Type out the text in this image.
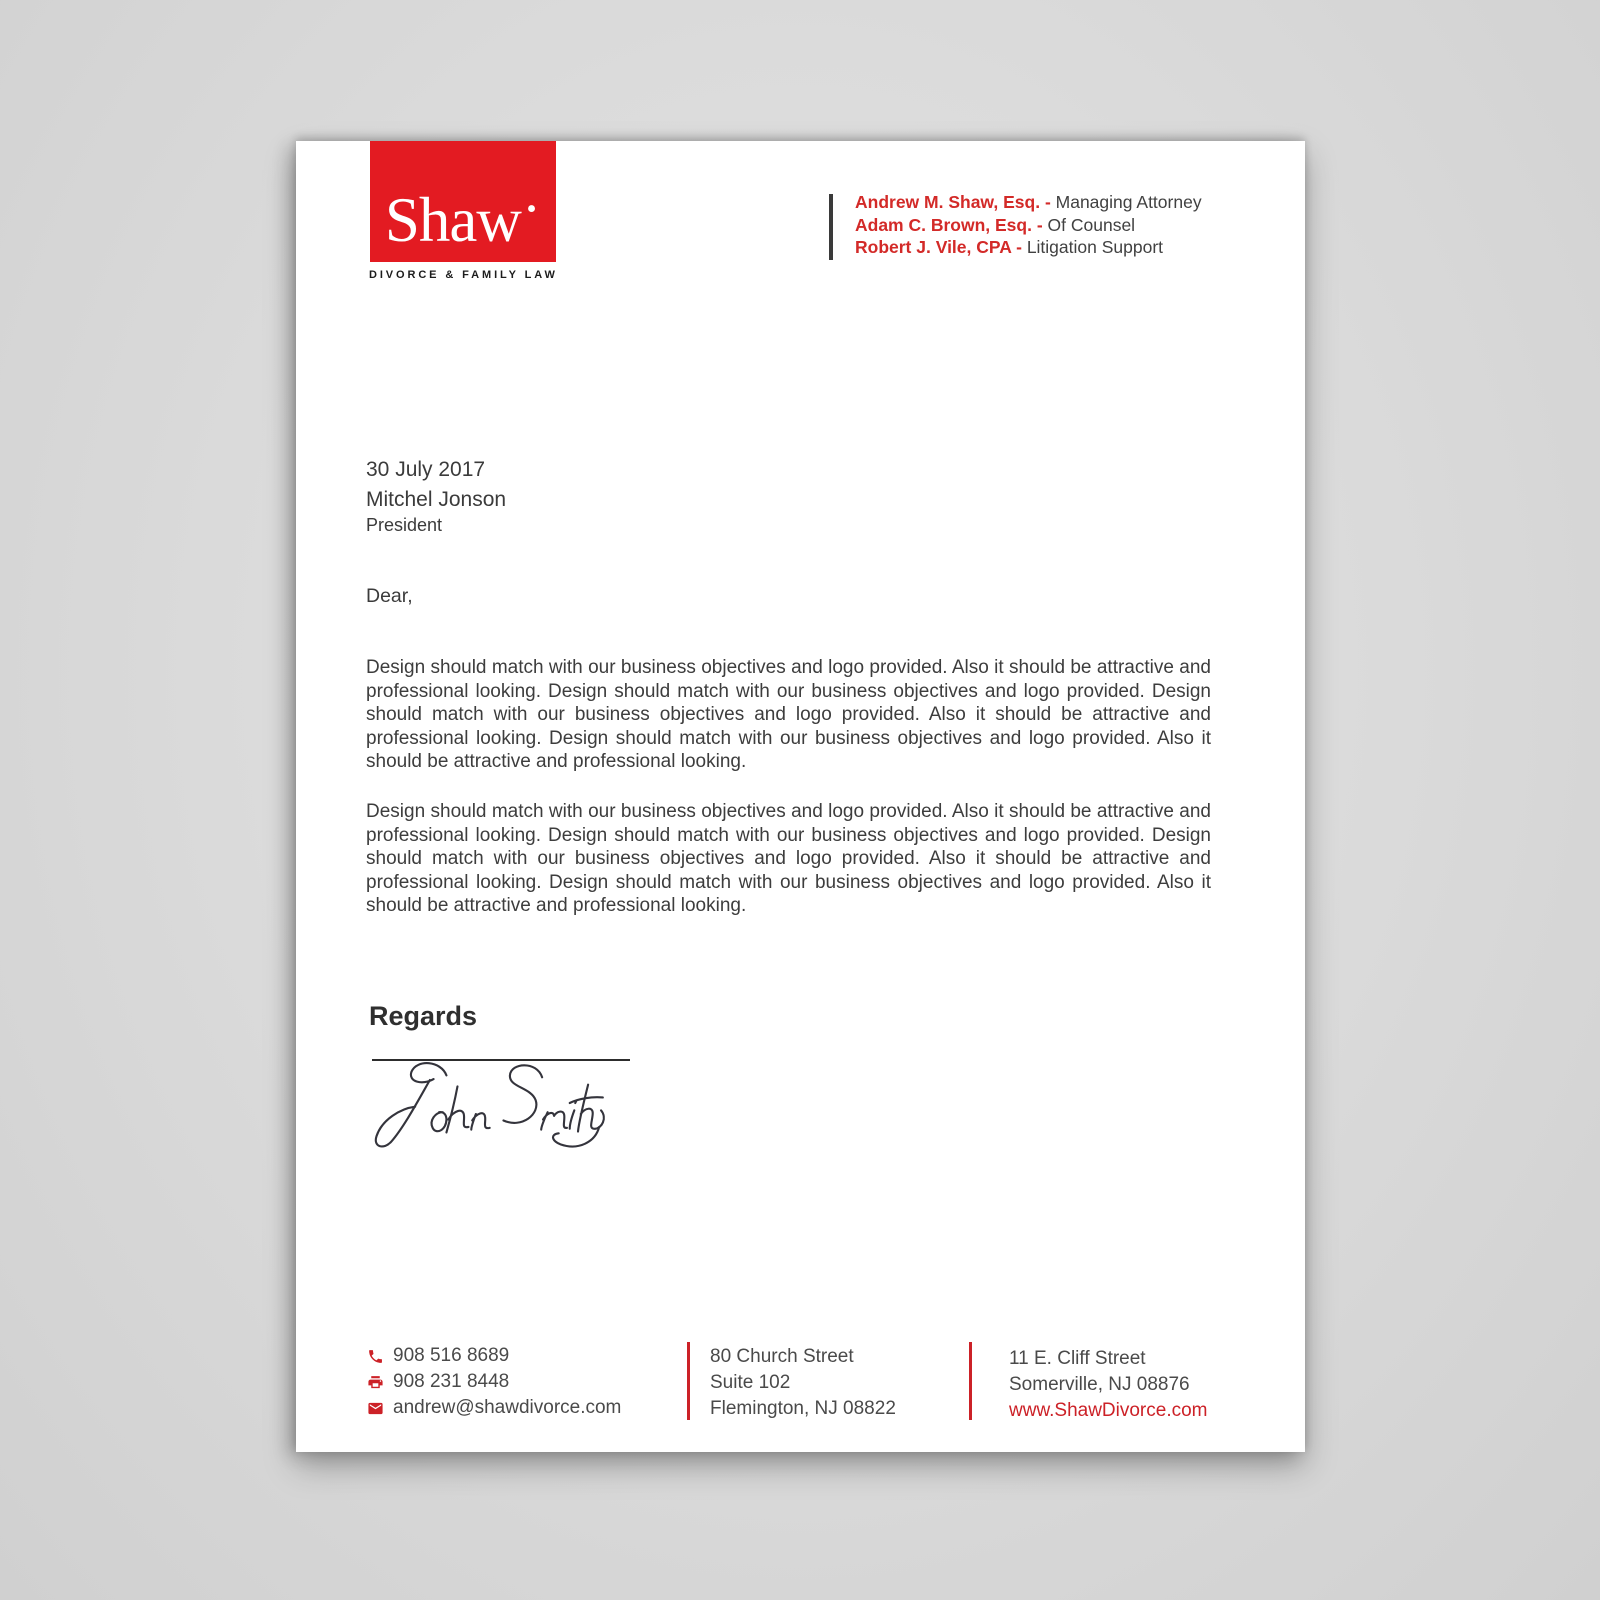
Shaw ·
DIVORCE & FAMILY LAW
Andrew M. Shaw, Esq. - Managing Attorney
Adam C. Brown, Esq. - Of Counsel
Robert J. Vile, CPA - Litigation Support
30 July 2017
Mitchel Jonson
President
Dear,

Design should match with our business objectives and logo provided. Also it should be attractive and professional looking. Design should match with our business objectives and logo provided. Design should match with our business objectives and logo provided. Also it should be attractive and professional looking. Design should match with our business objectives and logo provided. Also it should be attractive and professional looking.

Design should match with our business objectives and logo provided. Also it should be attractive and professional looking. Design should match with our business objectives and logo provided. Design should match with our business objectives and logo provided. Also it should be attractive and professional looking. Design should match with our business objectives and logo provided. Also it should be attractive and professional looking.

Regards
908 516 8689
908 231 8448
andrew@shawdivorce.com
80 Church Street
Suite 102
Flemington, NJ 08822
11 E. Cliff Street
Somerville, NJ 08876
www.ShawDivorce.com
